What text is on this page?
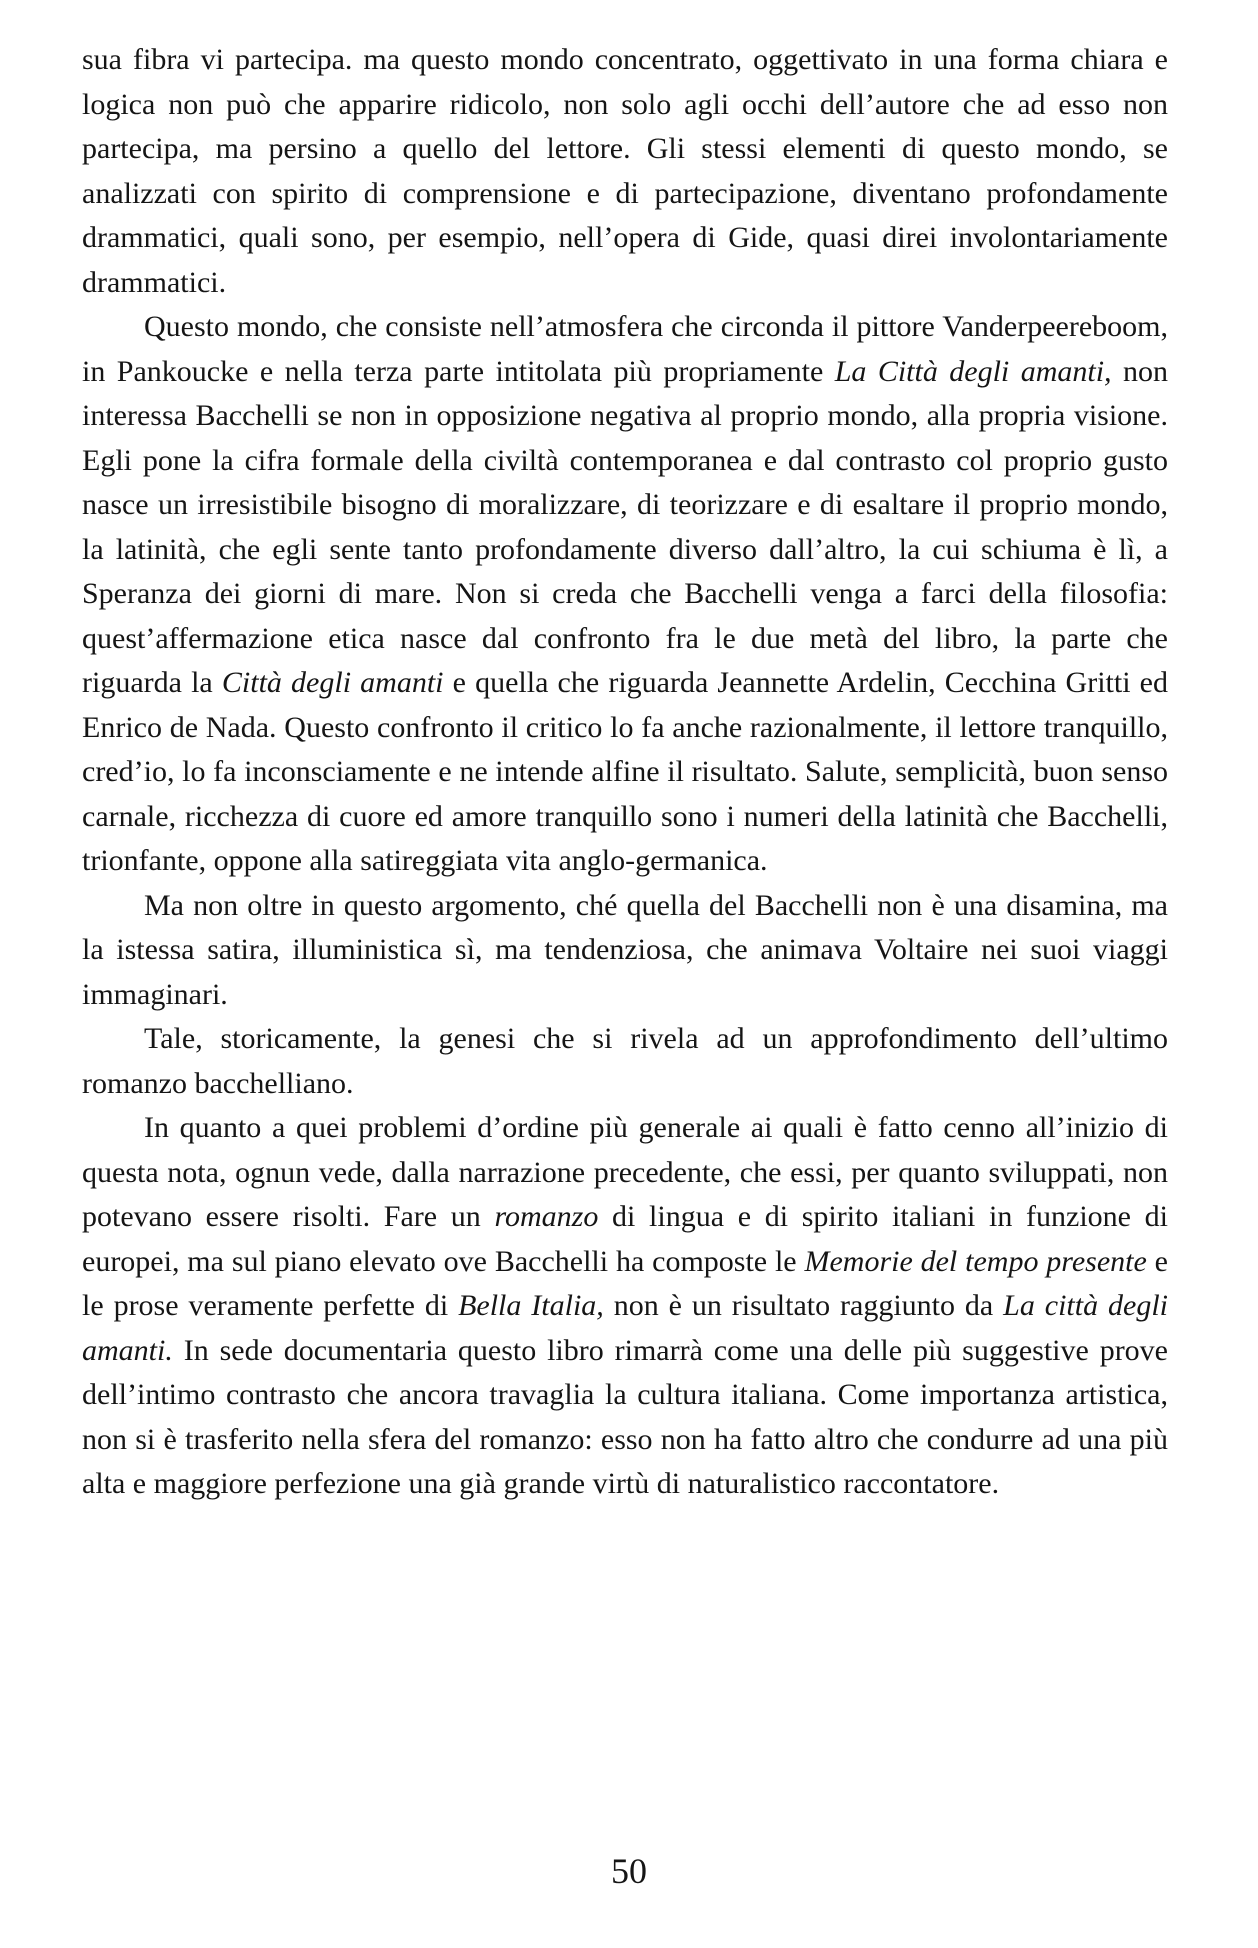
sua fibra vi partecipa. ma questo mondo concentrato, oggettivato in una forma chiara e logica non può che apparire ridicolo, non solo agli occhi dell’autore che ad esso non partecipa, ma persino a quello del lettore. Gli stessi elementi di questo mondo, se analizzati con spirito di comprensione e di partecipazione, diventano profondamente drammatici, quali sono, per esempio, nell’opera di Gide, quasi direi involontariamente drammatici.

Questo mondo, che consiste nell’atmosfera che circonda il pittore Vanderpeereboom, in Pankoucke e nella terza parte intitolata più propriamente La Città degli amanti, non interessa Bacchelli se non in opposizione negativa al proprio mondo, alla propria visione. Egli pone la cifra formale della civiltà contemporanea e dal contrasto col proprio gusto nasce un irresistibile bisogno di moralizzare, di teorizzare e di esaltare il proprio mondo, la latinità, che egli sente tanto profondamente diverso dall’altro, la cui schiuma è lì, a Speranza dei giorni di mare. Non si creda che Bacchelli venga a farci della filosofia: quest’affermazione etica nasce dal confronto fra le due metà del libro, la parte che riguarda la Città degli amanti e quella che riguarda Jeannette Ardelin, Cecchina Gritti ed Enrico de Nada. Questo confronto il critico lo fa anche razionalmente, il lettore tranquillo, cred’io, lo fa inconsciamente e ne intende alfine il risultato. Salute, semplicità, buon senso carnale, ricchezza di cuore ed amore tranquillo sono i numeri della latinità che Bacchelli, trionfante, oppone alla satireggiata vita anglo-germanica.

Ma non oltre in questo argomento, ché quella del Bacchelli non è una disamina, ma la istessa satira, illuministica sì, ma tendenziosa, che animava Voltaire nei suoi viaggi immaginari.

Tale, storicamente, la genesi che si rivela ad un approfondimento dell’ultimo romanzo bacchelliano.

In quanto a quei problemi d’ordine più generale ai quali è fatto cenno all’inizio di questa nota, ognun vede, dalla narrazione precedente, che essi, per quanto sviluppati, non potevano essere risolti. Fare un romanzo di lingua e di spirito italiani in funzione di europei, ma sul piano elevato ove Bacchelli ha composte le Memorie del tempo presente e le prose veramente perfette di Bella Italia, non è un risultato raggiunto da La città degli amanti. In sede documentaria questo libro rimarrà come una delle più suggestive prove dell’intimo contrasto che ancora travaglia la cultura italiana. Come importanza artistica, non si è trasferito nella sfera del romanzo: esso non ha fatto altro che condurre ad una più alta e maggiore perfezione una già grande virtù di naturalistico raccontatore.

50
